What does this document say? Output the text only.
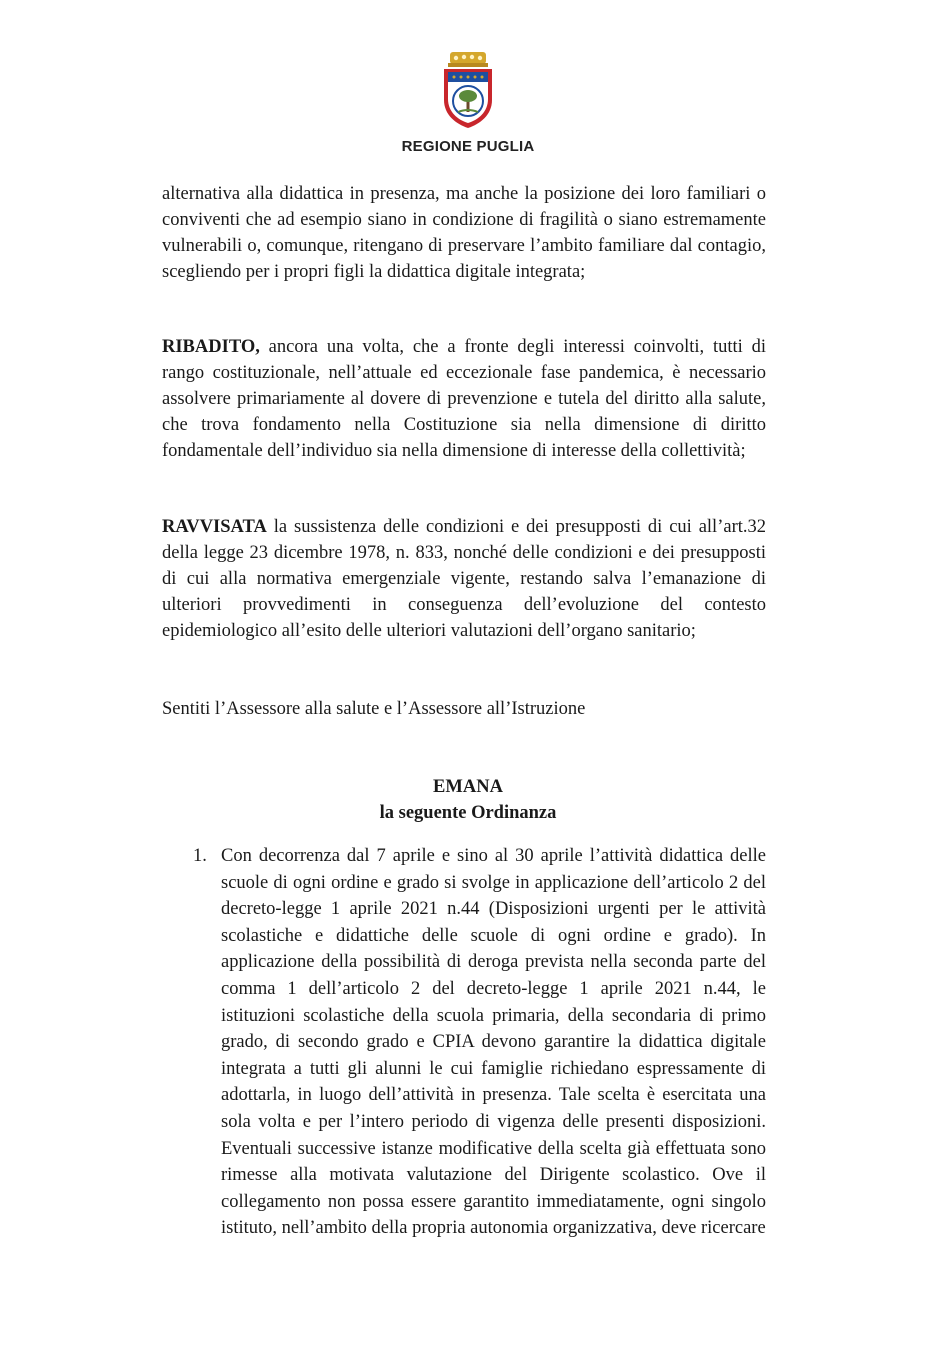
REGIONE PUGLIA

alternativa alla didattica in presenza, ma anche la posizione dei loro familiari o conviventi che ad esempio siano in condizione di fragilità o siano estremamente vulnerabili o, comunque, ritengano di preservare l’ambito familiare dal contagio, scegliendo per i propri figli la didattica digitale integrata;

RIBADITO, ancora una volta, che a fronte degli interessi coinvolti, tutti di rango costituzionale, nell’attuale ed eccezionale fase pandemica, è necessario assolvere primariamente al dovere di prevenzione e tutela del diritto alla salute, che trova fondamento nella Costituzione sia nella dimensione di diritto fondamentale dell’individuo sia nella dimensione di interesse della collettività;

RAVVISATA la sussistenza delle condizioni e dei presupposti di cui all’art.32 della legge 23 dicembre 1978, n. 833, nonché delle condizioni e dei presupposti di cui alla normativa emergenziale vigente, restando salva l’emanazione di ulteriori provvedimenti in conseguenza dell’evoluzione del contesto epidemiologico all’esito delle ulteriori valutazioni dell’organo sanitario;

Sentiti l’Assessore alla salute e l’Assessore all’Istruzione

EMANA
la seguente Ordinanza
1. Con decorrenza dal 7 aprile e sino al 30 aprile l’attività didattica delle scuole di ogni ordine e grado si svolge in applicazione dell’articolo 2 del decreto-legge 1 aprile 2021 n.44 (Disposizioni urgenti per le attività scolastiche e didattiche delle scuole di ogni ordine e grado). In applicazione della possibilità di deroga prevista nella seconda parte del comma 1 dell’articolo 2 del decreto-legge 1 aprile 2021 n.44, le istituzioni scolastiche della scuola primaria, della secondaria di primo grado, di secondo grado e CPIA devono garantire la didattica digitale integrata a tutti gli alunni le cui famiglie richiedano espressamente di adottarla, in luogo dell’attività in presenza. Tale scelta è esercitata una sola volta e per l’intero periodo di vigenza delle presenti disposizioni. Eventuali successive istanze modificative della scelta già effettuata sono rimesse alla motivata valutazione del Dirigente scolastico. Ove il collegamento non possa essere garantito immediatamente, ogni singolo istituto, nell’ambito della propria autonomia organizzativa, deve ricercare
